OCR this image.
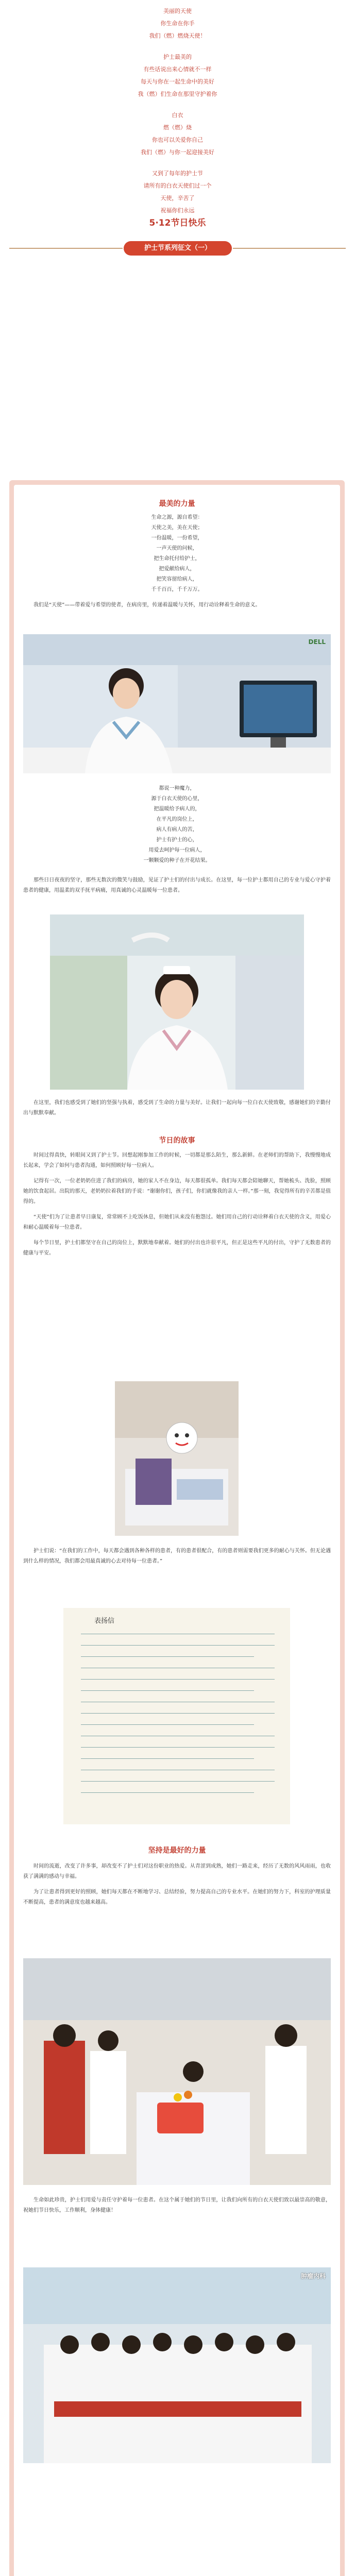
美丽的天使

你生命在你手

我们（燃）燃烧天使！

护士最美的

有些话说出来心情就不一样

每天与你在一起生命中的美好

我（燃）们生命在那里守护着你

白衣

燃（燃）烧

你也可以关爱你自己

我们（燃）与你一起迎接美好

又到了每年的护士节

请所有的白衣天使们过一个

天使，辛苦了

祝福你们永远

5·12节日快乐

护士节系列征文（一）
最美的力量

生命之源，源自希望：

天使之美，美在天使；

一份温暖，一份希望，

一声天使的问候，

把生命托付给护士，

把爱献给病人，

把笑容留给病人，

千千百百，千千万万。

我们是“天使”——带着爱与希望的使者，在病房里，传递着温暖与关怀，用行动诠释着生命的意义。

DELL

都说一种魔力，

源于白衣天使的心里，

把温暖给予病人的，

在平凡的岗位上，

病人有病人的苦，

护士有护士的心，

用爱去呵护每一位病人，

一颗颗爱的种子在开花结果。

那些日日夜夜的坚守，那些无数次的微笑与鼓励，见证了护士们的付出与成长。在这里，每一位护士都用自己的专业与爱心守护着患者的健康，用温柔的双手抚平病痛，用真诚的心灵温暖每一位患者。

在这里，我们也感受到了她们的坚强与执着，感受到了生命的力量与美好。让我们一起向每一位白衣天使致敬，感谢她们的辛勤付出与默默奉献。

节日的故事

时间过得真快，转眼间又到了护士节。回想起刚参加工作的时候，一切都是那么陌生，那么新鲜。在老师们的帮助下，我慢慢地成长起来，学会了如何与患者沟通，如何照顾好每一位病人。

记得有一次，一位老奶奶住进了我们的病房，她的家人不在身边，每天都很孤单。我们每天都会陪她聊天，帮她梳头、洗脸，照顾她的饮食起居。出院的那天，老奶奶拉着我们的手说：“谢谢你们，孩子们，你们就像我的亲人一样。”那一刻，我觉得所有的辛苦都是值得的。

“天使”们为了让患者早日康复，常常顾不上吃饭休息，但她们从来没有抱怨过。她们用自己的行动诠释着白衣天使的含义，用爱心和耐心温暖着每一位患者。

每个节日里，护士们都坚守在自己的岗位上，默默地奉献着。她们的付出也许很平凡，但正是这些平凡的付出，守护了无数患者的健康与平安。

护士们说：“在我们的工作中，每天都会遇到各种各样的患者，有的患者很配合，有的患者则需要我们更多的耐心与关怀。但无论遇到什么样的情况，我们都会用最真诚的心去对待每一位患者。”

表扬信
坚持是最好的力量

时间的流逝，改变了许多事，却改变不了护士们对这份职业的热爱。从青涩到成熟，她们一路走来，经历了无数的风风雨雨，也收获了满满的感动与幸福。

为了让患者得到更好的照顾，她们每天都在不断地学习、总结经验，努力提高自己的专业水平。在她们的努力下，科室的护理质量不断提高，患者的满意度也越来越高。

生命如此珍贵，护士们用爱与责任守护着每一位患者。在这个属于她们的节日里，让我们向所有的白衣天使们致以最崇高的敬意，祝她们节日快乐，工作顺利，身体健康！

肿瘤内科
